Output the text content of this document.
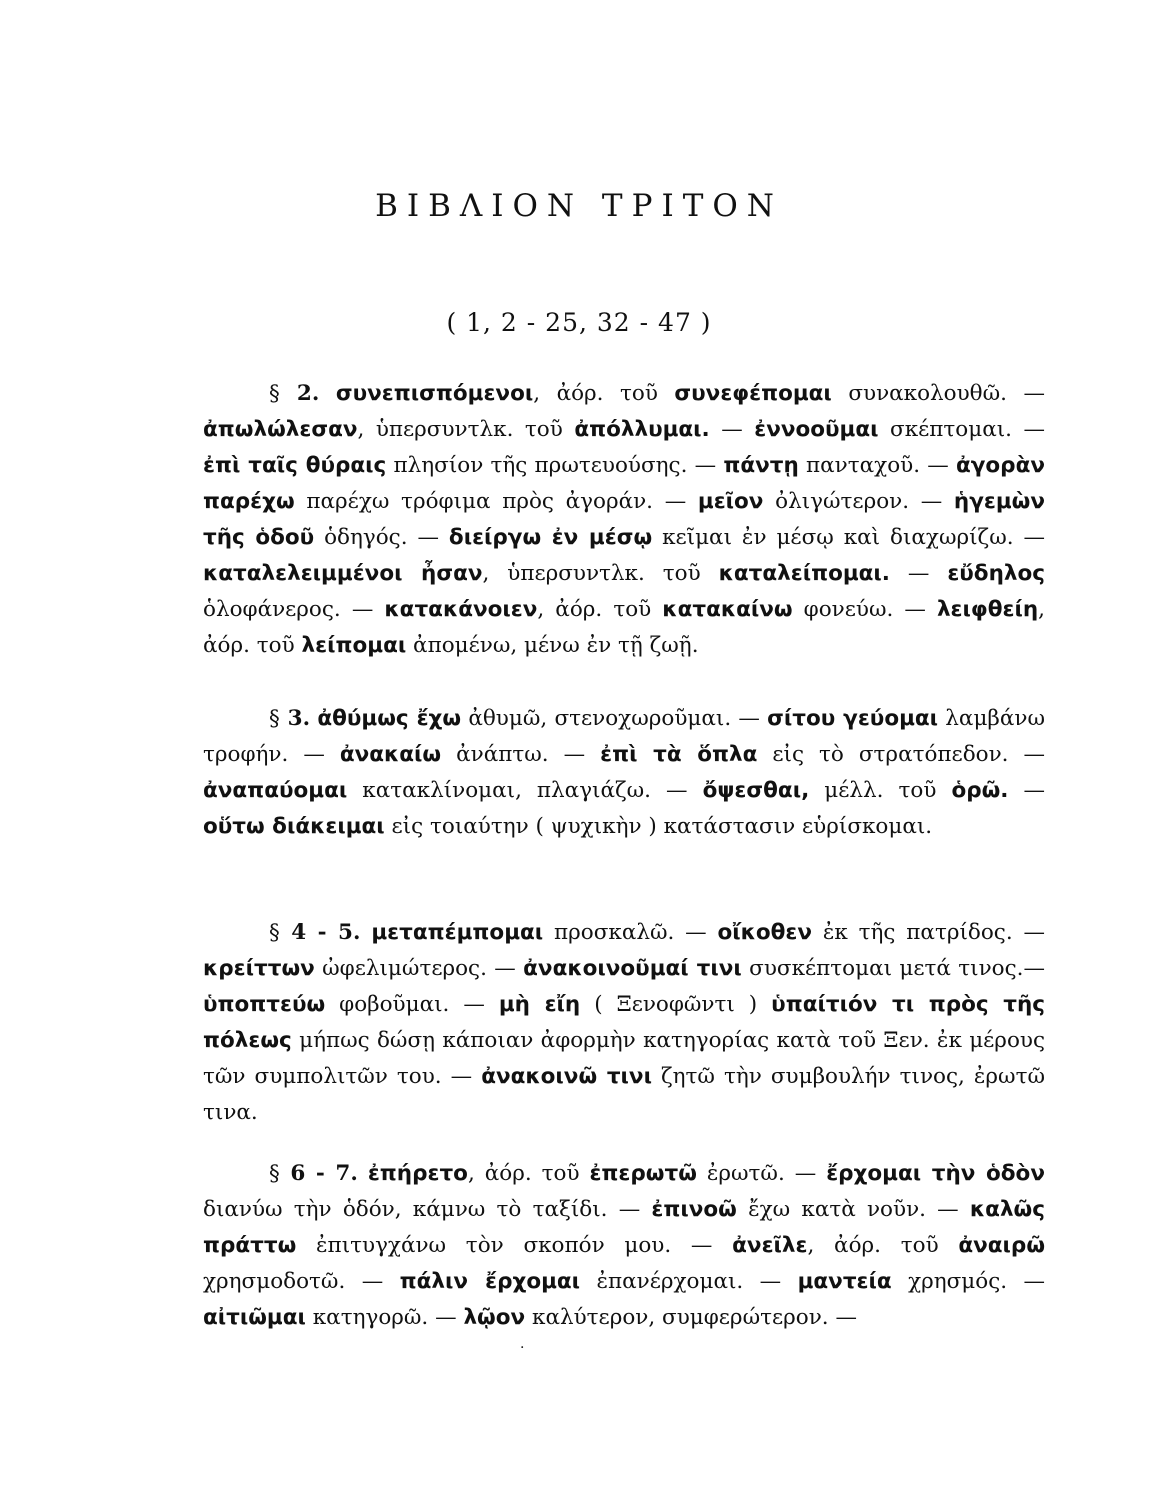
ΒΙΒΛΙΟΝ ΤΡΙΤΟΝ
( 1, 2 - 25, 32 - 47 )

§ 2. συνεπισπόμενοι, ἀόρ. τοῦ συνεφέπομαι συνακολουθῶ. — ἀπωλώλεσαν, ὑπερσυντλκ. τοῦ ἀπόλλυμαι. — ἐννοοῦμαι σκέπτομαι. — ἐπὶ ταῖς θύραις πλησίον τῆς πρωτευούσης. — πάντῃ πανταχοῦ. — ἀγορὰν παρέχω παρέχω τρόφιμα πρὸς ἀγοράν. — μεῖον ὀλιγώτερον. — ἡγεμὼν τῆς ὁδοῦ ὁδηγός. — διείργω ἐν μέσῳ κεῖμαι ἐν μέσῳ καὶ διαχωρίζω. — καταλελειμμένοι ἦσαν, ὑπερσυντλκ. τοῦ καταλείπομαι. — εὔδηλος ὁλοφάνερος. — κατακάνοιεν, ἀόρ. τοῦ κατακαίνω φονεύω. — λειφθείη, ἀόρ. τοῦ λείπομαι ἀπομένω, μένω ἐν τῇ ζωῇ.

§ 3. ἀθύμως ἔχω ἀθυμῶ, στενοχωροῦμαι. — σίτου γεύομαι λαμβάνω τροφήν. — ἀνακαίω ἀνάπτω. — ἐπὶ τὰ ὅπλα εἰς τὸ στρατόπεδον. — ἀναπαύομαι κατακλίνομαι, πλαγιάζω. — ὄψεσθαι, μέλλ. τοῦ ὁρῶ. — οὕτω διάκειμαι εἰς τοιαύτην ( ψυχικὴν ) κατάστασιν εὑρίσκομαι.

§ 4 - 5. μεταπέμπομαι προσκαλῶ. — οἴκοθεν ἐκ τῆς πατρίδος. — κρείττων ὠφελιμώτερος. — ἀνακοινοῦμαί τινι συσκέπτομαι μετά τινος.— ὑποπτεύω φοβοῦμαι. — μὴ εἴη ( Ξενοφῶντι ) ὑπαίτιόν τι πρὸς τῆς πόλεως μήπως δώσῃ κάποιαν ἀφορμὴν κατηγορίας κατὰ τοῦ Ξεν. ἐκ μέρους τῶν συμπολιτῶν του. — ἀνακοινῶ τινι ζητῶ τὴν συμβουλήν τινος, ἐρωτῶ τινα.

§ 6 - 7. ἐπήρετο, ἀόρ. τοῦ ἐπερωτῶ ἐρωτῶ. — ἔρχομαι τὴν ὁδὸν διανύω τὴν ὁδόν, κάμνω τὸ ταξίδι. — ἐπινοῶ ἔχω κατὰ νοῦν. — καλῶς πράττω ἐπιτυγχάνω τὸν σκοπόν μου. — ἀνεῖλε, ἀόρ. τοῦ ἀναιρῶ χρησμοδοτῶ. — πάλιν ἔρχομαι ἐπανέρχομαι. — μαντεία χρησμός. — αἰτιῶμαι κατηγορῶ. — λῷον καλύτερον, συμφερώτερον. —

·
